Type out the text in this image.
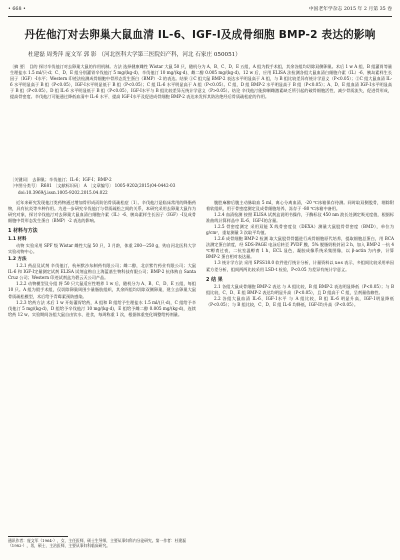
• 668 •	中国老年学杂志 2015 年 2 月第 35 卷
丹佐他汀对去卵巢大鼠血清 IL-6、IGF-Ⅰ及成骨细胞 BMP-2 表达的影响
杜建磊 周秀萍 庞文军 郭 影 （河北医科大学第三医院妇产科，河北 石家庄 050051）
〔摘 要〕 目的 探讨辛伐他汀对去卵巢大鼠的作用机制。方法 选择健康雌性 Wistar 大鼠 50 只，随机分为 A、B、C、D、E 五组，A 组为假手术组，其余各组均切除双侧卵巢。术后 1 w A 组、B 组灌胃等量生理盐水 1.5 ml/只·d；C、D、E 组分别灌胃辛伐他汀 5 mg/(kg·d)、辛伐他汀 10 mg/(kg·d)、雌二醇 0.005 mg/(kg·d)。12 w 后，应用 ELISA 法检测各组大鼠血清白细胞介素（IL）-6、胰岛素样生长因子（IGF）-Ⅰ水平；Western 印迹法检测成骨细胞中骨形态发生蛋白（BMP）-2 的表达。结果 ①C 组大鼠 BMP-2 表达水平明显高于 A 组，与 B 组比较差异有统计学意义（P<0.05）；②C 组大鼠血清 IL-6 水平明显高于 B 组（P<0.05），IGF-Ⅰ水平明显低于 B 组（P<0.05）；C 组 IL-6 水平明显高于 A 组（P<0.05）。C 组、D 组 BMP-2 水平明显高于 B 组（P<0.05）；A、D、E 组血清 IGF-Ⅰ水平明显高于 B 组（P<0.05）。D 组 IL-6 水平明显低于 B 组（P<0.05），IGF-Ⅰ水平与 B 组比较差异无统计学意义（P>0.05）。结论 辛伐他汀能抑制雌激素缺乏所引起的破骨细胞活性，减少骨质流失，促进骨形成，提高骨密度。辛伐他汀可能通过降低血清中 IL-6 水平、提高 IGF-Ⅰ水平及促进成骨细胞 BMP-2 表达来发挥其防治绝经后骨质疏松症的作用。
〔关键词〕 去卵巢；辛伐他汀；IL-6；IGF-Ⅰ；BMP-2
〔中图分类号〕 R681 〔文献标识码〕 A 〔文章编号〕 1005-9202(2015)04-0442-03
doi:10.3969/j.issn.1005-9202.2015.04.022

近年来研究发现他汀类药物通过增加骨形成而防治骨质疏松症〔1〕。辛伐他汀是临床常用的降脂药物，具有抗炎等多种作用。为进一步研究辛伐他汀与骨质疏松之间的关系，本研究采用去卵巢大鼠作为研究对象，探讨辛伐他汀对去卵巢大鼠血清白细胞介素（IL）-6、胰岛素样生长因子（IGF）-Ⅰ及成骨细胞中骨形态发生蛋白（BMP）-2 表达的影响。

1 材料与方法
1.1 材料

动物 实验采用 SPF 级 Wistar 雌性大鼠 50 只，3 月龄，体重 200～250 g，购自河北医科大学实验动物中心。

1.2 方法

1.2.1 药品及试剂 辛伐他汀，杭州默沙东制药有限公司；雌二醇，北京紫竹药业有限公司；大鼠 IL-6 和 IGF-Ⅰ定量测定试剂 ELISA 试剂盒购自上海蓝基生物科技有限公司；BMP-2 抗体购自 Santa Cruz 公司；Western 印迹试剂盒为碧云天公司产品。

1.2.2 动物模型及分组 将 50 只大鼠适应性喂养 1 w 后，随机分为 A、B、C、D、E 五组，每组 10 只。A 组为假手术组，仅切除卵巢周围少量脂肪组织，其余四组均切除双侧卵巢，建立去卵巢大鼠骨质疏松模型，术后给予青霉素预防感染。

1.2.3 给药方法 术后 1 w 开始灌胃给药，A 组和 B 组给予生理盐水 1.5 ml/(只·d)，C 组给予辛伐他汀 5 mg/(kg·d)，D 组给予辛伐他汀 10 mg/(kg·d)，E 组给予雌二醇 0.005 mg/(kg·d)，连续给药 12 w。实验期间各组大鼠自由饮水、进食，每周称重 1 次，根据体重变化调整给药剂量。

腹腔麻醉后腹主动脉取血 5 ml，离心分离血清，-20 ℃冰箱保存待测。同时取双侧股骨，剔除附着软组织，用于骨密度测定及成骨细胞培养，冻存于 -80 ℃冰箱中备用。

1.2.4 血清检测 按照 ELISA 试剂盒说明书操作，于酶标仪 450 nm 波长处测定吸光度值，根据标准曲线计算样品中 IL-6、IGF-Ⅰ的含量。

1.2.5 骨密度测定 采用双能 X 线骨密度仪（DEXA）测量大鼠股骨骨密度（BMD），单位为 g/cm²，重复测量 3 次取平均值。

1.2.6 成骨细胞 BMP-2 检测 取大鼠股骨骨髓进行成骨细胞原代培养，提取细胞总蛋白，用 BCA 法测定蛋白浓度，经 SDS-PAGE 电泳后转至 PVDF 膜，5% 脱脂奶粉封闭 2 h，加入 BMP-2 一抗 4 ℃孵育过夜，二抗室温孵育 1 h，ECL 显色，凝胶成像系统采集图像，以 β-actin 为内参，计算 BMP-2 蛋白相对表达量。

1.3 统计学方法 采用 SPSS18.0 软件进行统计分析，计量资料以 x±s 表示，多组间比较采用单因素方差分析，组间两两比较采用 LSD-t 检验，P<0.05 为差异有统计学意义。

2 结 果

2.1 各组大鼠成骨细胞 BMP-2 表达 与 A 组比较，B 组 BMP-2 表达明显降低（P<0.05）；与 B 组比较，C、D、E 组 BMP-2 表达均明显升高（P<0.05），且 D 组高于 C 组，呈剂量依赖性。

2.2 各组大鼠血清 IL-6、IGF-Ⅰ水平 与 A 组比较，B 组 IL-6 明显升高，IGF-Ⅰ明显降低（P<0.05）；与 B 组比较，C、D、E 组 IL-6 均降低，IGF-Ⅰ均升高（P<0.05）。

通讯作者：庞文军（1964-），女，主任医师，硕士生导师，主要从事妇科内分泌研究。第一作者：杜建磊（1982-），男，硕士，主治医师，主要从事妇科临床研究。
